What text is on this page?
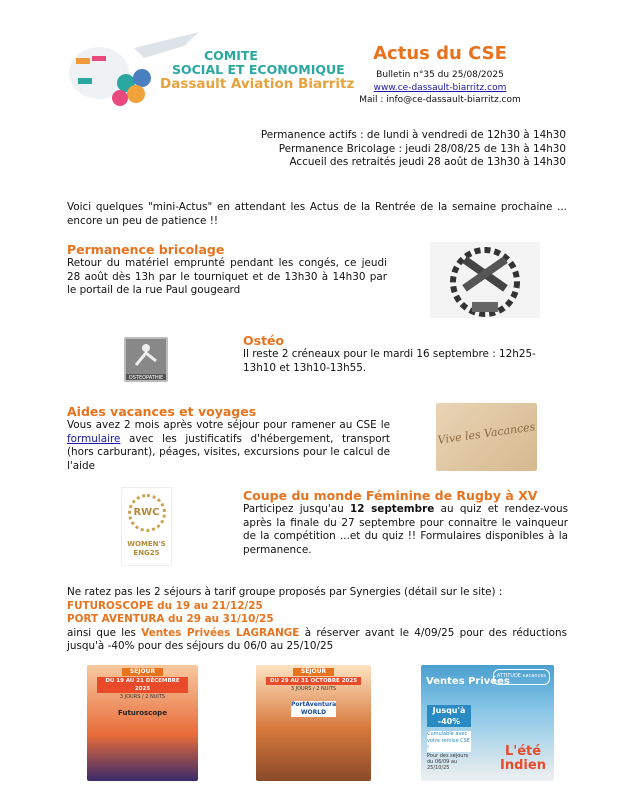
COMITE
SOCIAL ET ECONOMIQUE
Dassault Aviation Biarritz
Actus du CSE
Bulletin n°35 du 25/08/2025
www.ce-dassault-biarritz.com
Mail : info@ce-dassault-biarritz.com
Permanence actifs : de lundi à vendredi de 12h30 à 14h30
Permanence Bricolage : jeudi 28/08/25 de 13h à 14h30
Accueil des retraités jeudi 28 août de 13h30 à 14h30
Voici quelques "mini-Actus" en attendant les Actus de la Rentrée de la semaine prochaine ... encore un peu de patience !!
Permanence bricolage
Retour du matériel emprunté pendant les congés, ce jeudi 28 août dès 13h par le tourniquet et de 13h30 à 14h30 par le portail de la rue Paul gougeard
OSTEOPATHIE
Ostéo
Il reste 2 créneaux pour le mardi 16 septembre : 12h25-13h10 et 13h10-13h55.
Aides vacances et voyages
Vous avez 2 mois après votre séjour pour ramener au CSE le formulaire avec les justificatifs d'hébergement, transport (hors carburant), péages, visites, excursions pour le calcul de l'aide
Vive les Vacances
RWC
WOMEN'S ENG25
Coupe du monde Féminine de Rugby à XV
Participez jusqu'au 12 septembre au quiz et rendez-vous après la finale du 27 septembre pour connaitre le vainqueur de la compétition ...et du quiz !! Formulaires disponibles à la permanence.
Ne ratez pas les 2 séjours à tarif groupe proposés par Synergies (détail sur le site) :
FUTUROSCOPE du 19 au 21/12/25
PORT AVENTURA du 29 au 31/10/25
ainsi que les Ventes Privées LAGRANGE à réserver avant le 4/09/25 pour des réductions jusqu'à -40% pour des séjours du 06/0 au 25/10/25
SÉJOUR
DU 19 AU 21 DÉCEMBRE 2025
3 JOURS / 2 NUITS
Futuroscope
SÉJOUR
DU 29 AU 31 OCTOBRE 2025
3 JOURS / 2 NUITS
PortAventura WORLD
Ventes Privées
ATTITUDE vacances
Jusqu'à -40%
Cumulable avec votre remise CSE !
Pour des séjours du 06/09 au 25/10/25
L'été Indien
